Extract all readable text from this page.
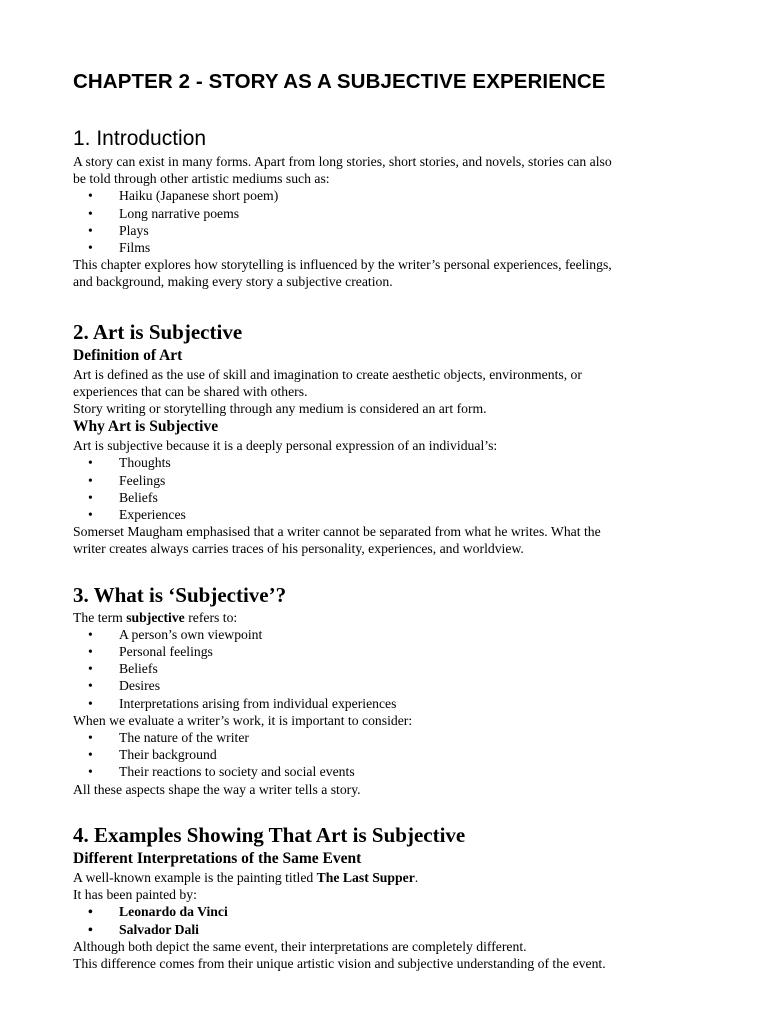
CHAPTER 2 - STORY AS A SUBJECTIVE EXPERIENCE
1. Introduction

A story can exist in many forms. Apart from long stories, short stories, and novels, stories can also
be told through other artistic mediums such as:

• Haiku (Japanese short poem)
• Long narrative poems
• Plays
• Films

This chapter explores how storytelling is influenced by the writer’s personal experiences, feelings,
and background, making every story a subjective creation.

2. Art is Subjective
Definition of Art

Art is defined as the use of skill and imagination to create aesthetic objects, environments, or
experiences that can be shared with others.
Story writing or storytelling through any medium is considered an art form.

Why Art is Subjective

Art is subjective because it is a deeply personal expression of an individual’s:

• Thoughts
• Feelings
• Beliefs
• Experiences

Somerset Maugham emphasised that a writer cannot be separated from what he writes. What the
writer creates always carries traces of his personality, experiences, and worldview.

3. What is ‘Subjective’?

The term subjective refers to:

• A person’s own viewpoint
• Personal feelings
• Beliefs
• Desires
• Interpretations arising from individual experiences

When we evaluate a writer’s work, it is important to consider:

• The nature of the writer
• Their background
• Their reactions to society and social events

All these aspects shape the way a writer tells a story.

4. Examples Showing That Art is Subjective
Different Interpretations of the Same Event

A well-known example is the painting titled The Last Supper.

It has been painted by:

• Leonardo da Vinci
• Salvador Dali

Although both depict the same event, their interpretations are completely different.

This difference comes from their unique artistic vision and subjective understanding of the event.
